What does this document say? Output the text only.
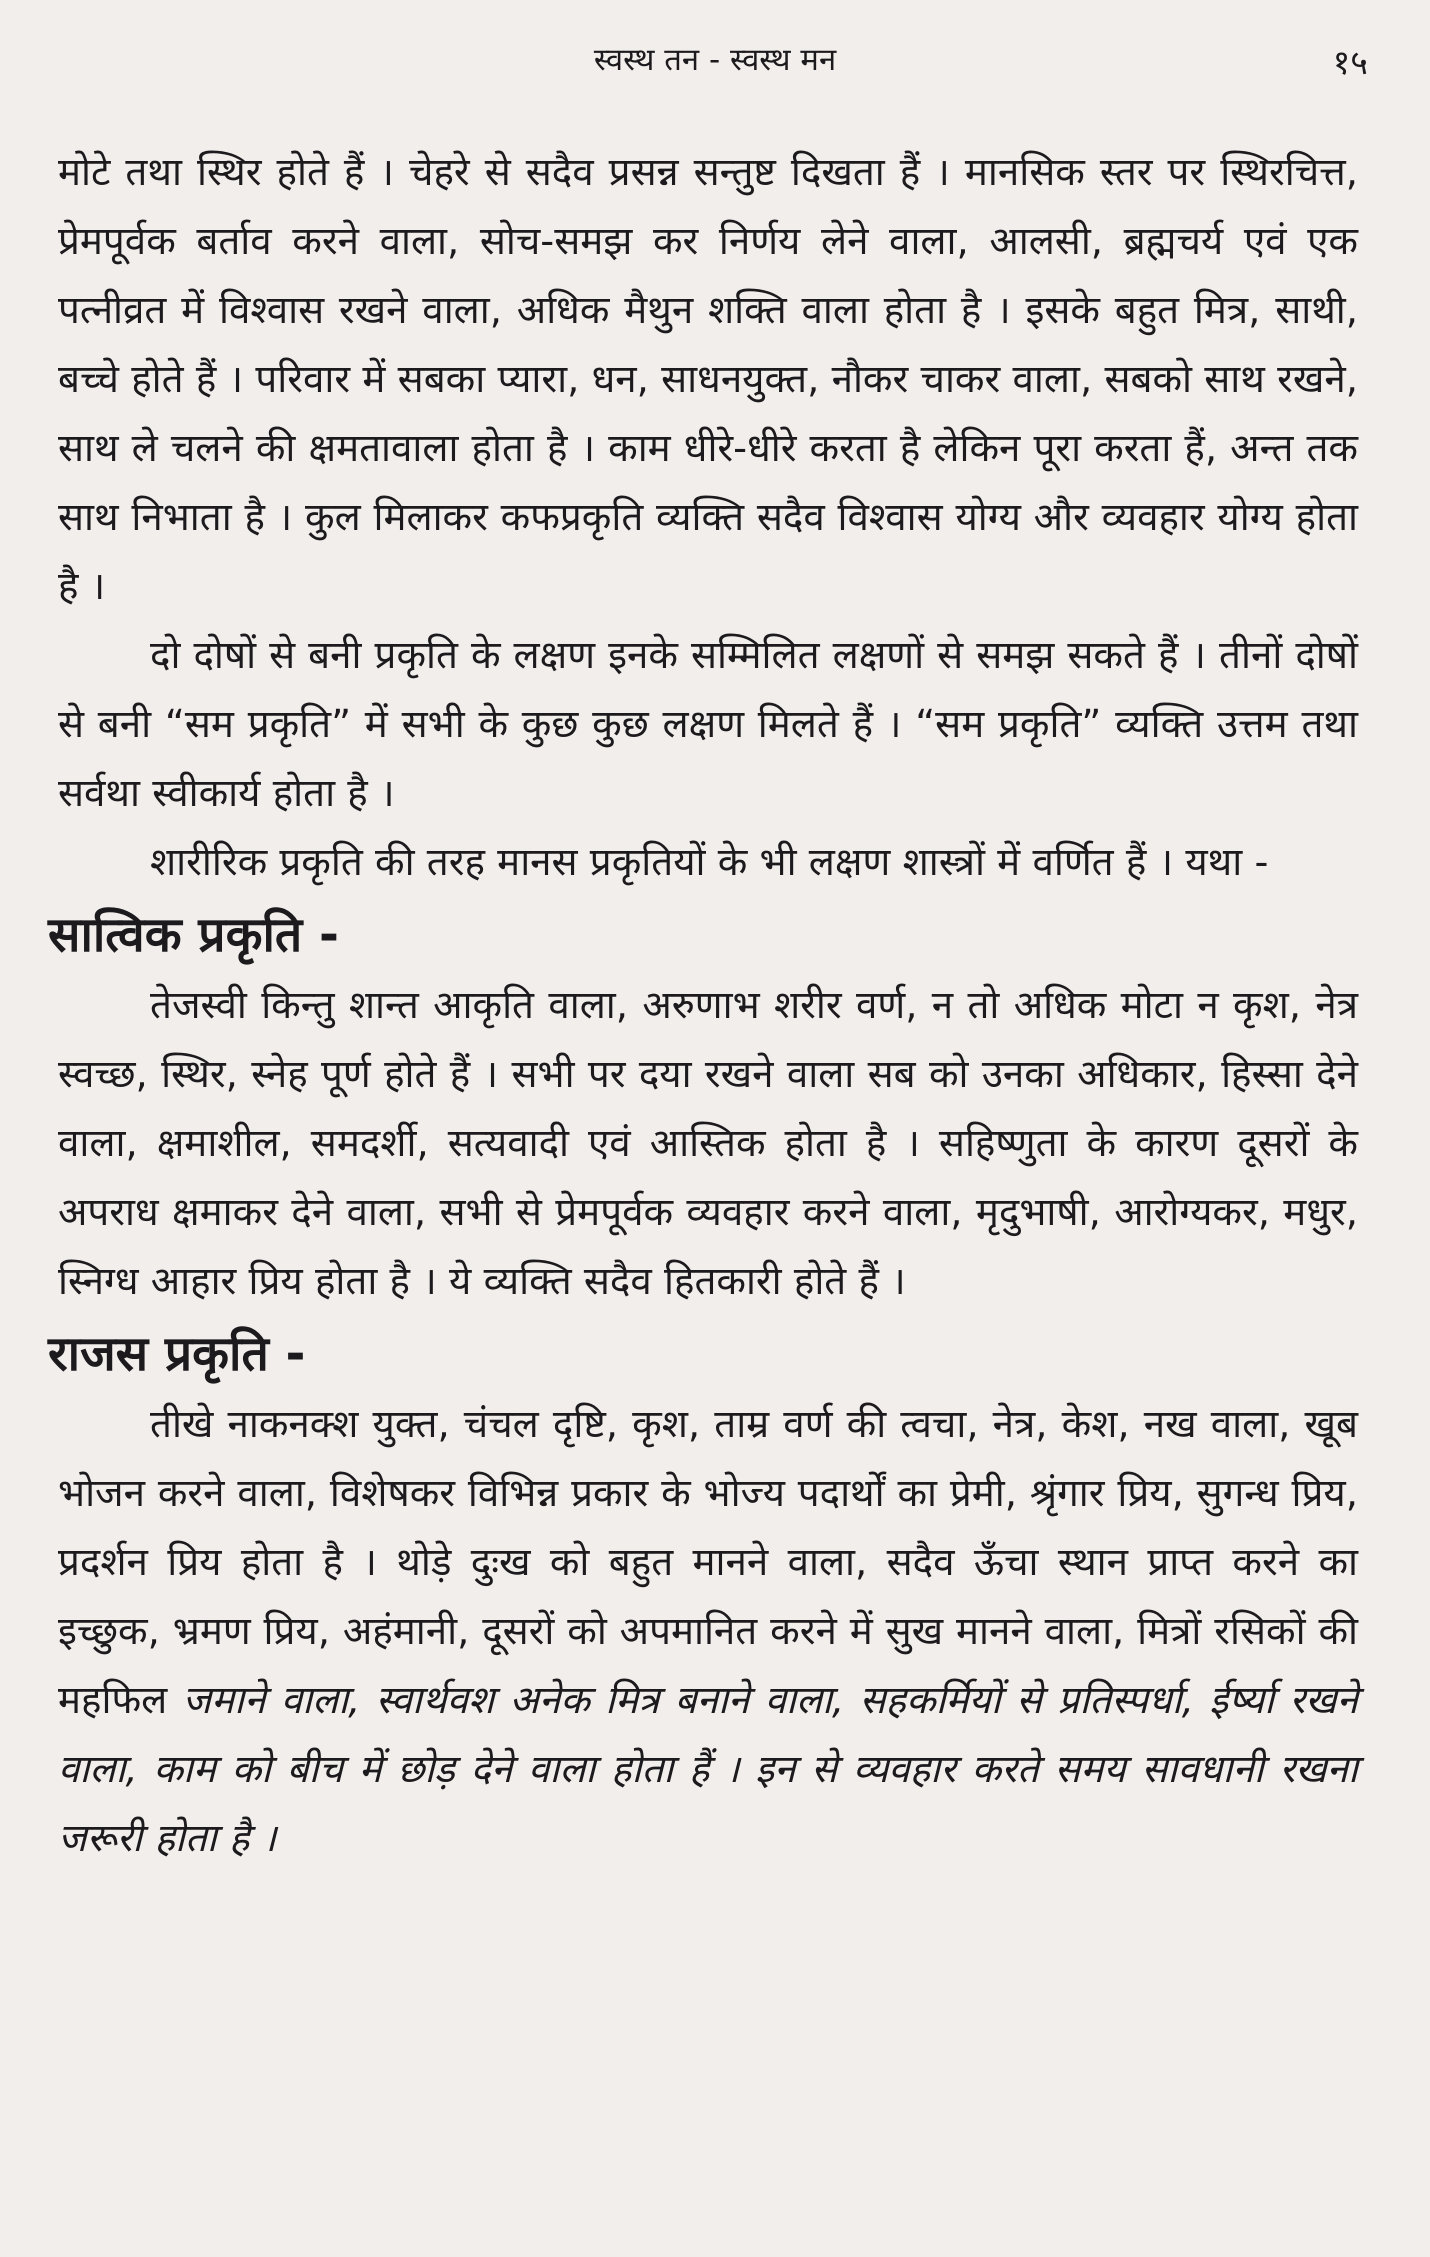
स्वस्थ तन - स्वस्थ मन	१५

मोटे तथा स्थिर होते हैं । चेहरे से सदैव प्रसन्न सन्तुष्ट दिखता हैं । मानसिक स्तर पर स्थिरचित्त, प्रेमपूर्वक बर्ताव करने वाला, सोच-समझ कर निर्णय लेने वाला, आलसी, ब्रह्मचर्य एवं एक पत्नीव्रत में विश्वास रखने वाला, अधिक मैथुन शक्ति वाला होता है । इसके बहुत मित्र, साथी, बच्चे होते हैं । परिवार में सबका प्यारा, धन, साधनयुक्त, नौकर चाकर वाला, सबको साथ रखने, साथ ले चलने की क्षमतावाला होता है । काम धीरे-धीरे करता है लेकिन पूरा करता हैं, अन्त तक साथ निभाता है । कुल मिलाकर कफप्रकृति व्यक्ति सदैव विश्वास योग्य और व्यवहार योग्य होता है ।

दो दोषों से बनी प्रकृति के लक्षण इनके सम्मिलित लक्षणों से समझ सकते हैं । तीनों दोषों से बनी “सम प्रकृति” में सभी के कुछ कुछ लक्षण मिलते हैं । “सम प्रकृति” व्यक्ति उत्तम तथा सर्वथा स्वीकार्य होता है ।

शारीरिक प्रकृति की तरह मानस प्रकृतियों के भी लक्षण शास्त्रों में वर्णित हैं । यथा -

सात्विक प्रकृति -

तेजस्वी किन्तु शान्त आकृति वाला, अरुणाभ शरीर वर्ण, न तो अधिक मोटा न कृश, नेत्र स्वच्छ, स्थिर, स्नेह पूर्ण होते हैं । सभी पर दया रखने वाला सब को उनका अधिकार, हिस्सा देने वाला, क्षमाशील, समदर्शी, सत्यवादी एवं आस्तिक होता है । सहिष्णुता के कारण दूसरों के अपराध क्षमाकर देने वाला, सभी से प्रेमपूर्वक व्यवहार करने वाला, मृदुभाषी, आरोग्यकर, मधुर, स्निग्ध आहार प्रिय होता है । ये व्यक्ति सदैव हितकारी होते हैं ।

राजस प्रकृति -

तीखे नाकनक्श युक्त, चंचल दृष्टि, कृश, ताम्र वर्ण की त्वचा, नेत्र, केश, नख वाला, खूब भोजन करने वाला, विशेषकर विभिन्न प्रकार के भोज्य पदार्थों का प्रेमी, श्रृंगार प्रिय, सुगन्ध प्रिय, प्रदर्शन प्रिय होता है । थोड़े दुःख को बहुत मानने वाला, सदैव ऊँचा स्थान प्राप्त करने का इच्छुक, भ्रमण प्रिय, अहंमानी, दूसरों को अपमानित करने में सुख मानने वाला, मित्रों रसिकों की महफिल जमाने वाला, स्वार्थवश अनेक मित्र बनाने वाला, सहकर्मियों से प्रतिस्पर्धा, ईर्ष्या रखने वाला, काम को बीच में छोड़ देने वाला होता हैं । इन से व्यवहार करते समय सावधानी रखना जरूरी होता है ।
